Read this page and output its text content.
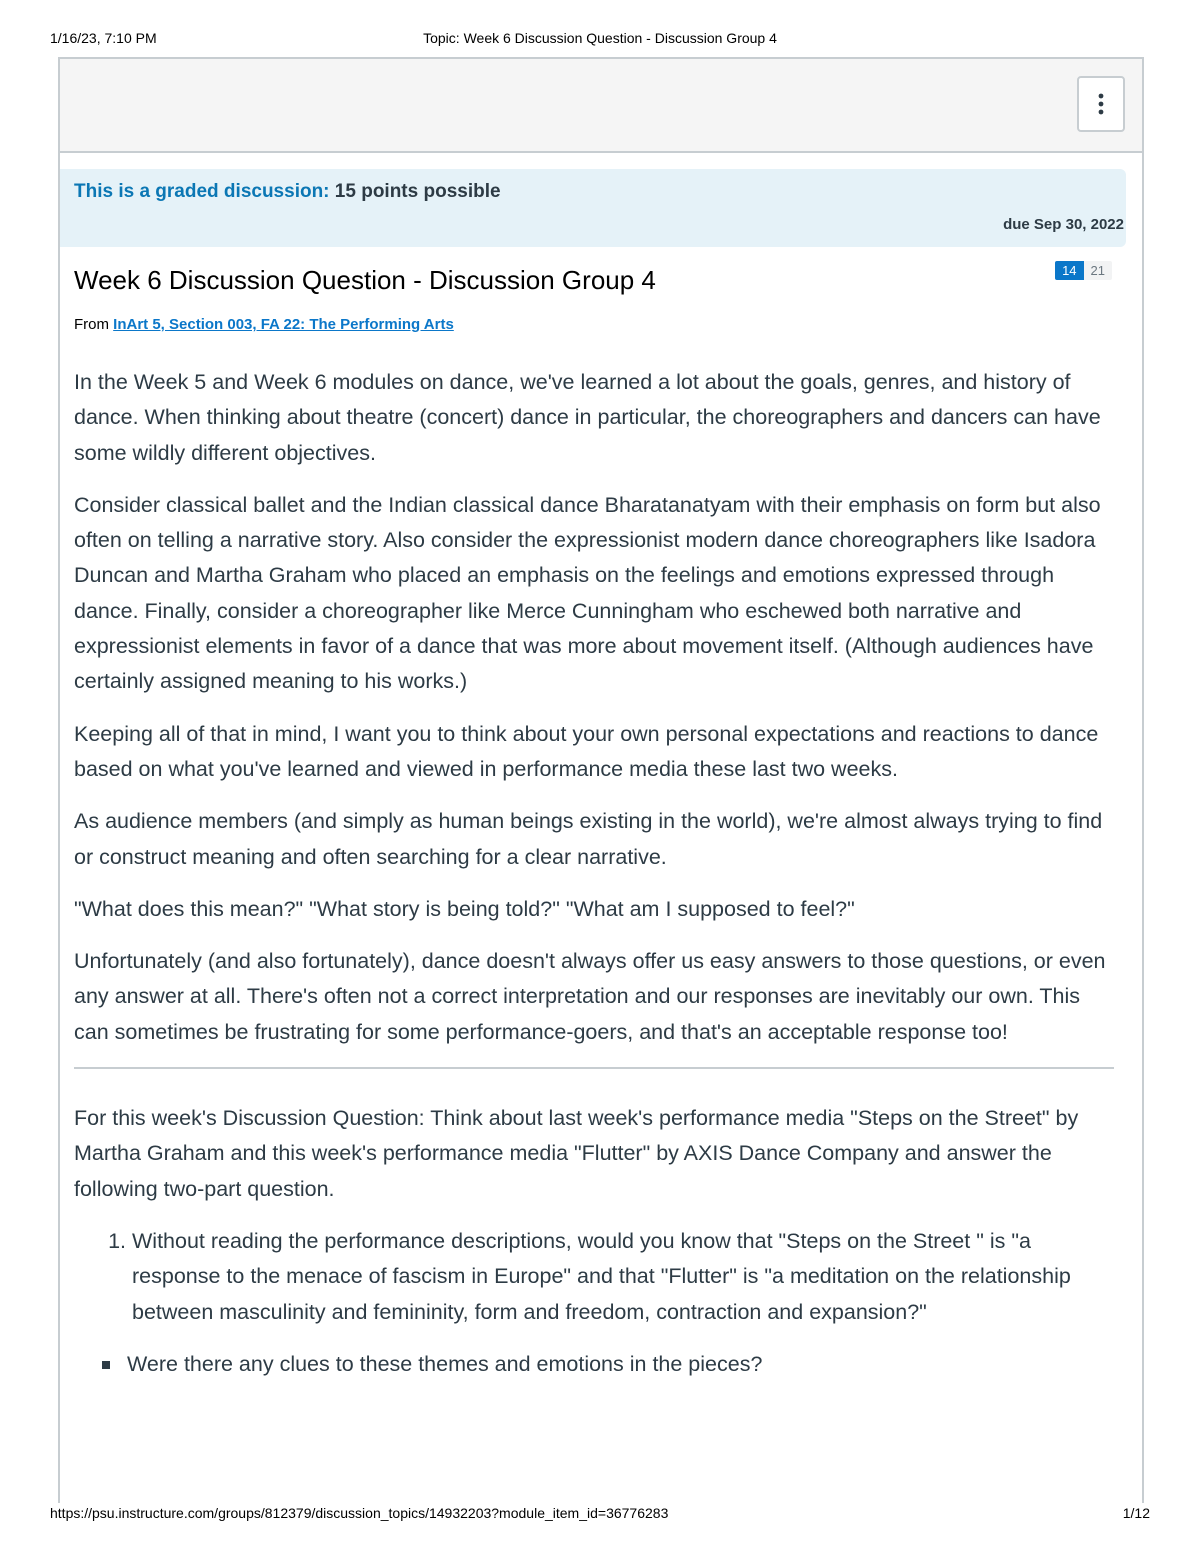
1/16/23, 7:10 PM	Topic: Week 6 Discussion Question - Discussion Group 4
This is a graded discussion: 15 points possible
due Sep 30, 2022
Week 6 Discussion Question - Discussion Group 4	14	21
From InArt 5, Section 003, FA 22: The Performing Arts

In the Week 5 and Week 6 modules on dance, we've learned a lot about the goals, genres, and history of dance. When thinking about theatre (concert) dance in particular, the choreographers and dancers can have some wildly different objectives.

Consider classical ballet and the Indian classical dance Bharatanatyam with their emphasis on form but also often on telling a narrative story. Also consider the expressionist modern dance choreographers like Isadora Duncan and Martha Graham who placed an emphasis on the feelings and emotions expressed through dance. Finally, consider a choreographer like Merce Cunningham who eschewed both narrative and expressionist elements in favor of a dance that was more about movement itself. (Although audiences have certainly assigned meaning to his works.)

Keeping all of that in mind, I want you to think about your own personal expectations and reactions to dance based on what you've learned and viewed in performance media these last two weeks.

As audience members (and simply as human beings existing in the world), we're almost always trying to find or construct meaning and often searching for a clear narrative.

"What does this mean?" "What story is being told?" "What am I supposed to feel?"

Unfortunately (and also fortunately), dance doesn't always offer us easy answers to those questions, or even any answer at all. There's often not a correct interpretation and our responses are inevitably our own. This can sometimes be frustrating for some performance-goers, and that's an acceptable response too!

For this week's Discussion Question: Think about last week's performance media "Steps on the Street" by Martha Graham and this week's performance media "Flutter" by AXIS Dance Company and answer the following two-part question.

1. Without reading the performance descriptions, would you know that "Steps on the Street " is "a response to the menace of fascism in Europe" and that "Flutter" is "a meditation on the relationship between masculinity and femininity, form and freedom, contraction and expansion?"
Were there any clues to these themes and emotions in the pieces?
https://psu.instructure.com/groups/812379/discussion_topics/14932203?module_item_id=36776283	1/12
